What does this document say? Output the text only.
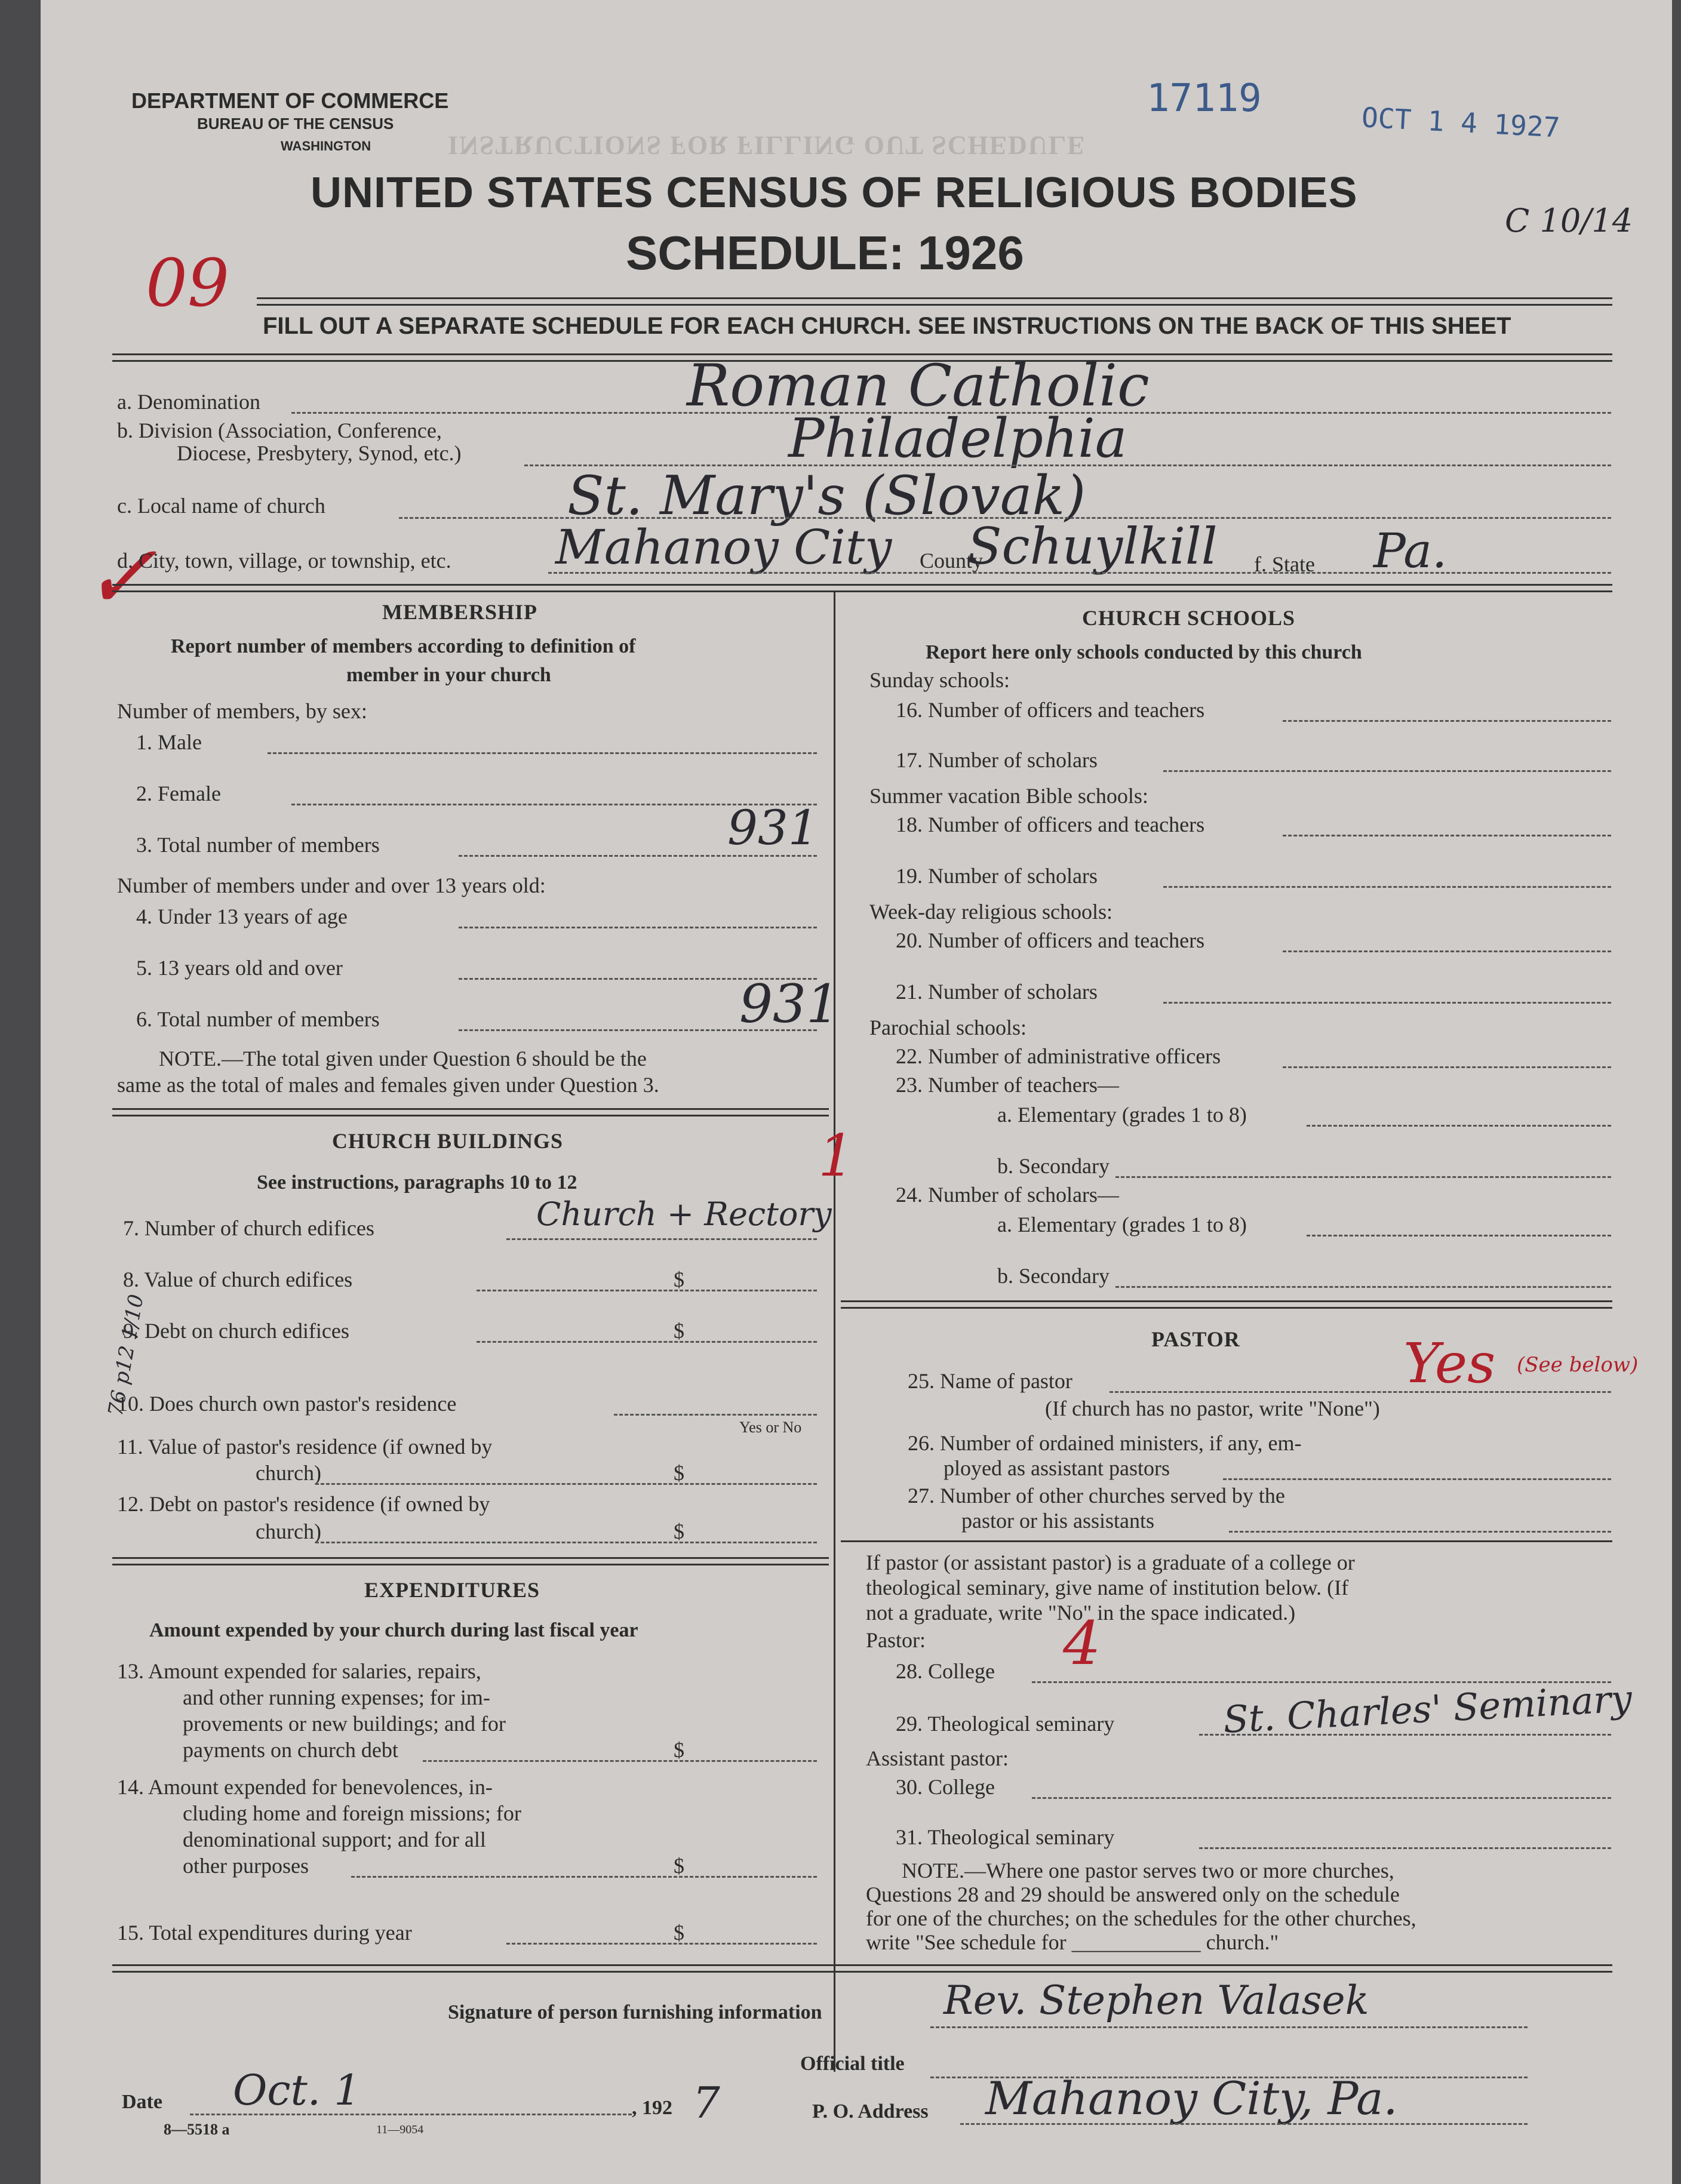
DEPARTMENT OF COMMERCE
BUREAU OF THE CENSUS
WASHINGTON
17119
OCT 1 4 1927
C 10/14
INSTRUCTIONS FOR FILLING OUT SCHEDULE
UNITED STATES CENSUS OF RELIGIOUS BODIES
SCHEDULE: 1926
09
FILL OUT A SEPARATE SCHEDULE FOR EACH CHURCH. SEE INSTRUCTIONS ON THE BACK OF THIS SHEET
a. Denomination	Roman Catholic
b. Division (Association, Conference,
Diocese, Presbytery, Synod, etc.)	Philadelphia
c. Local name of church	St. Mary's (Slovak)
✓
d. City, town, village, or township, etc. Mahanoy City County
Schuylkill f. State Pa.
MEMBERSHIP
Report number of members according to definition of
member in your church
Number of members, by sex:
1. Male
2. Female
3. Total number of members	931
Number of members under and over 13 years old:
4. Under 13 years of age
5. 13 years old and over
6. Total number of members	931
NOTE.—The total given under Question 6 should be the
same as the total of males and females given under Question 3.
CHURCH BUILDINGS
See instructions, paragraphs 10 to 12	1
7. Number of church edifices	Church + Rectory
8. Value of church edifices	$
9. Debt on church edifices	$
76 p12 1/10
10. Does church own pastor's residence
Yes or No
11. Value of pastor's residence (if owned by
church)	$
12. Debt on pastor's residence (if owned by
church)	$
EXPENDITURES
Amount expended by your church during last fiscal year
13. Amount expended for salaries, repairs,
and other running expenses; for im-
provements or new buildings; and for
payments on church debt	$
14. Amount expended for benevolences, in-
cluding home and foreign missions; for
denominational support; and for all
other purposes	$
15. Total expenditures during year	$
CHURCH SCHOOLS
Report here only schools conducted by this church
Sunday schools:
16. Number of officers and teachers
17. Number of scholars
Summer vacation Bible schools:
18. Number of officers and teachers
19. Number of scholars
Week-day religious schools:
20. Number of officers and teachers
21. Number of scholars
Parochial schools:
22. Number of administrative officers
23. Number of teachers—
a. Elementary (grades 1 to 8)
b. Secondary
24. Number of scholars—
a. Elementary (grades 1 to 8)
b. Secondary
PASTOR
25. Name of pastor	Yes (See below)
(If church has no pastor, write "None")
26. Number of ordained ministers, if any, em-
ployed as assistant pastors
27. Number of other churches served by the
pastor or his assistants
If pastor (or assistant pastor) is a graduate of a college or
theological seminary, give name of institution below. (If
not a graduate, write "No" in the space indicated.)
Pastor:
28. College 4
29. Theological seminary	St. Charles' Seminary
Assistant pastor:
30. College
31. Theological seminary
NOTE.—Where one pastor serves two or more churches,
Questions 28 and 29 should be answered only on the schedule
for one of the churches; on the schedules for the other churches,
write "See schedule for ____________ church."
Signature of person furnishing information	Rev. Stephen Valasek
Official title
Date Oct. 1	, 192 7	P. O. Address Mahanoy City, Pa.
8—5518 a	11—9054
